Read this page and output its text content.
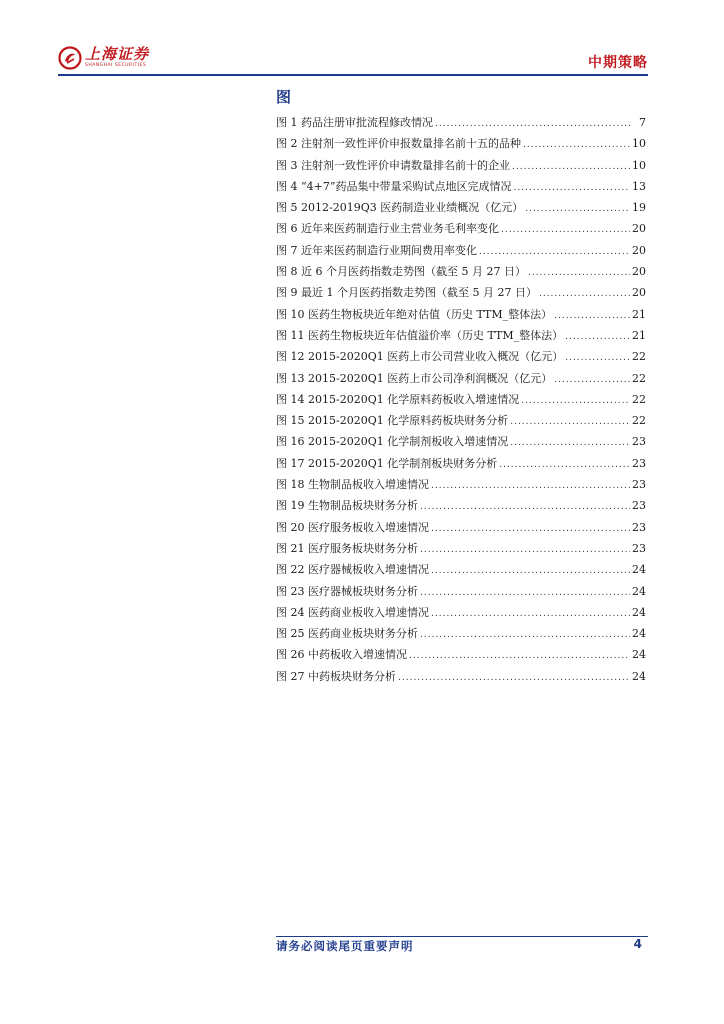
上海证券
SHANGHAI SECURITIES	中期策略
图
图 1 药品注册审批流程修改情况 .....	7
图 2 注射剂一致性评价申报数量排名前十五的品种 .....	10
图 3 注射剂一致性评价申请数量排名前十的企业 .....	10
图 4 “4+7”药品集中带量采购试点地区完成情况 .....	13
图 5 2012-2019Q3 医药制造业业绩概况（亿元） .....	19
图 6 近年来医药制造行业主营业务毛利率变化 .....	20
图 7 近年来医药制造行业期间费用率变化 .....	20
图 8 近 6 个月医药指数走势图（截至 5 月 27 日） .....	20
图 9 最近 1 个月医药指数走势图（截至 5 月 27 日） .....	20
图 10 医药生物板块近年绝对估值（历史 TTM_整体法） .....	21
图 11 医药生物板块近年估值溢价率（历史 TTM_整体法） .....	21
图 12 2015-2020Q1 医药上市公司营业收入概况（亿元） .....	22
图 13 2015-2020Q1 医药上市公司净利润概况（亿元） .....	22
图 14 2015-2020Q1 化学原料药板收入增速情况 .....	22
图 15 2015-2020Q1 化学原料药板块财务分析 .....	22
图 16 2015-2020Q1 化学制剂板收入增速情况 .....	23
图 17 2015-2020Q1 化学制剂板块财务分析 .....	23
图 18 生物制品板收入增速情况 .....	23
图 19 生物制品板块财务分析 .....	23
图 20 医疗服务板收入增速情况 .....	23
图 21 医疗服务板块财务分析 .....	23
图 22 医疗器械板收入增速情况 .....	24
图 23 医疗器械板块财务分析 .....	24
图 24 医药商业板收入增速情况 .....	24
图 25 医药商业板块财务分析 .....	24
图 26 中药板收入增速情况 .....	24
图 27 中药板块财务分析 .....	24
请务必阅读尾页重要声明	4
